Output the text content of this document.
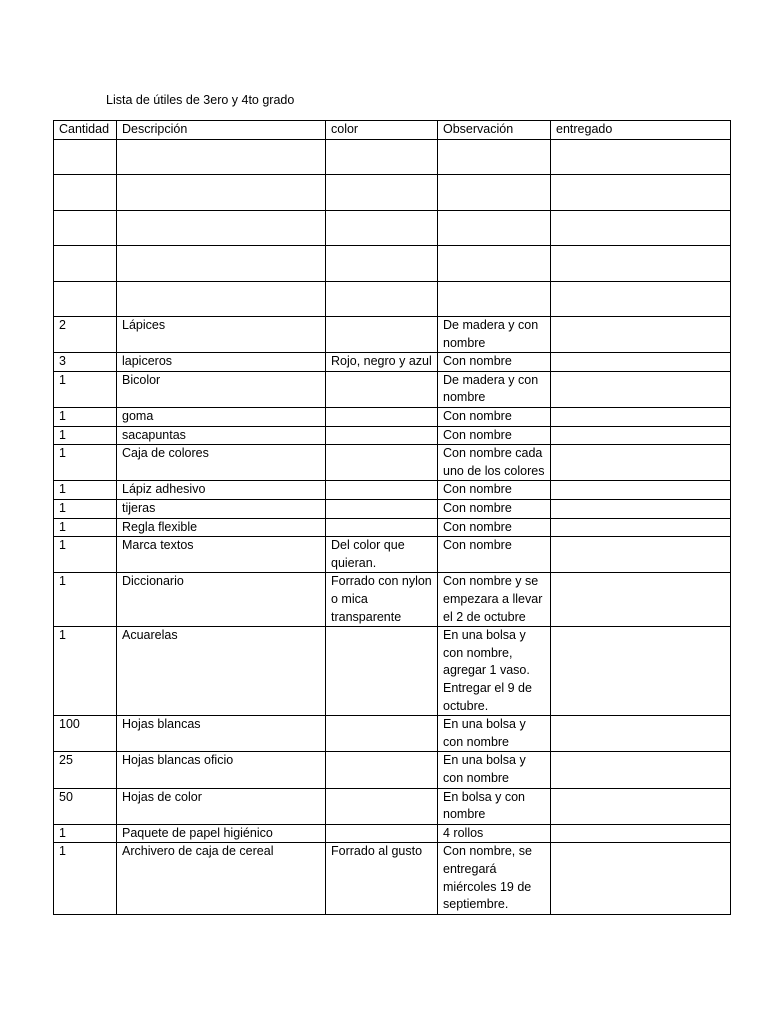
Lista de útiles de 3ero y 4to grado
Cantidad	Descripción	color	Observación	entregado

2	Lápices		De madera y con nombre	
3	lapiceros	Rojo, negro y azul	Con nombre	
1	Bicolor		De madera y con nombre	
1	goma		Con nombre	
1	sacapuntas		Con nombre	
1	Caja de colores		Con nombre cada uno de los colores	
1	Lápiz adhesivo		Con nombre	
1	tijeras		Con nombre	
1	Regla flexible		Con nombre	
1	Marca textos	Del color que quieran.	Con nombre	
1	Diccionario	Forrado con nylon o mica transparente	Con nombre y se empezara a llevar el 2 de octubre	
1	Acuarelas		En una bolsa y con nombre, agregar 1 vaso. Entregar el 9 de octubre.	
100	Hojas blancas		En una bolsa y con nombre	
25	Hojas blancas oficio		En una bolsa y con nombre	
50	Hojas de color		En bolsa y con nombre	
1	Paquete de papel higiénico		4 rollos	
1	Archivero de caja de cereal	Forrado al gusto	Con nombre, se entregará miércoles 19 de septiembre.	
